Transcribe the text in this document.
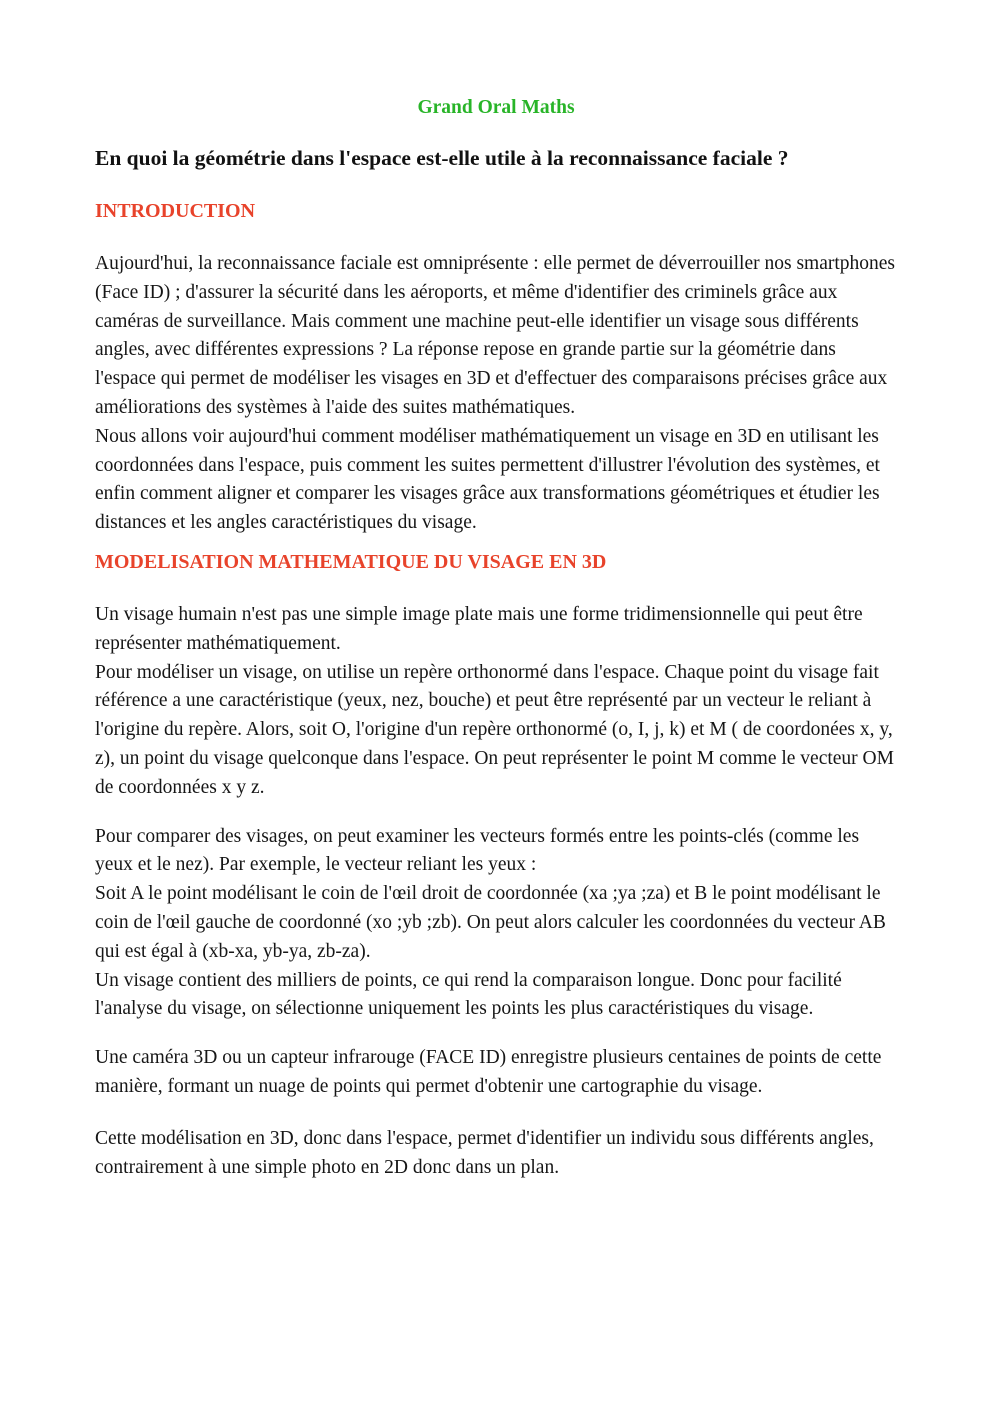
Grand Oral Maths
En quoi la géométrie dans l'espace est-elle utile à la reconnaissance faciale ?
INTRODUCTION

Aujourd'hui, la reconnaissance faciale est omniprésente : elle permet de déverrouiller nos smartphones (Face ID) ; d'assurer la sécurité dans les aéroports, et même d'identifier des criminels grâce aux caméras de surveillance. Mais comment une machine peut-elle identifier un visage sous différents angles, avec différentes expressions ? La réponse repose en grande partie sur la géométrie dans l'espace qui permet de modéliser les visages en 3D et d'effectuer des comparaisons précises grâce aux améliorations des systèmes à l'aide des suites mathématiques.

Nous allons voir aujourd'hui comment modéliser mathématiquement un visage en 3D en utilisant les coordonnées dans l'espace, puis comment les suites permettent d'illustrer l'évolution des systèmes, et enfin comment aligner et comparer les visages grâce aux transformations géométriques et étudier les distances et les angles caractéristiques du visage.

MODELISATION MATHEMATIQUE DU VISAGE EN 3D

Un visage humain n'est pas une simple image plate mais une forme tridimensionnelle qui peut être représenter mathématiquement.

Pour modéliser un visage, on utilise un repère orthonormé dans l'espace. Chaque point du visage fait référence a une caractéristique (yeux, nez, bouche) et peut être représenté par un vecteur le reliant à l'origine du repère. Alors, soit O, l'origine d'un repère orthonormé (o, I, j, k) et M ( de coordonées x, y, z), un point du visage quelconque dans l'espace. On peut représenter le point M comme le vecteur OM de coordonnées x y z.

Pour comparer des visages, on peut examiner les vecteurs formés entre les points-clés (comme les yeux et le nez). Par exemple, le vecteur reliant les yeux :

Soit A le point modélisant le coin de l'œil droit de coordonnée (xa ;ya ;za) et B le point modélisant le coin de l'œil gauche de coordonné (xo ;yb ;zb). On peut alors calculer les coordonnées du vecteur AB qui est égal à (xb-xa, yb-ya, zb-za).

Un visage contient des milliers de points, ce qui rend la comparaison longue. Donc pour facilité l'analyse du visage, on sélectionne uniquement les points les plus caractéristiques du visage.

Une caméra 3D ou un capteur infrarouge (FACE ID) enregistre plusieurs centaines de points de cette manière, formant un nuage de points qui permet d'obtenir une cartographie du visage.

Cette modélisation en 3D, donc dans l'espace, permet d'identifier un individu sous différents angles, contrairement à une simple photo en 2D donc dans un plan.
